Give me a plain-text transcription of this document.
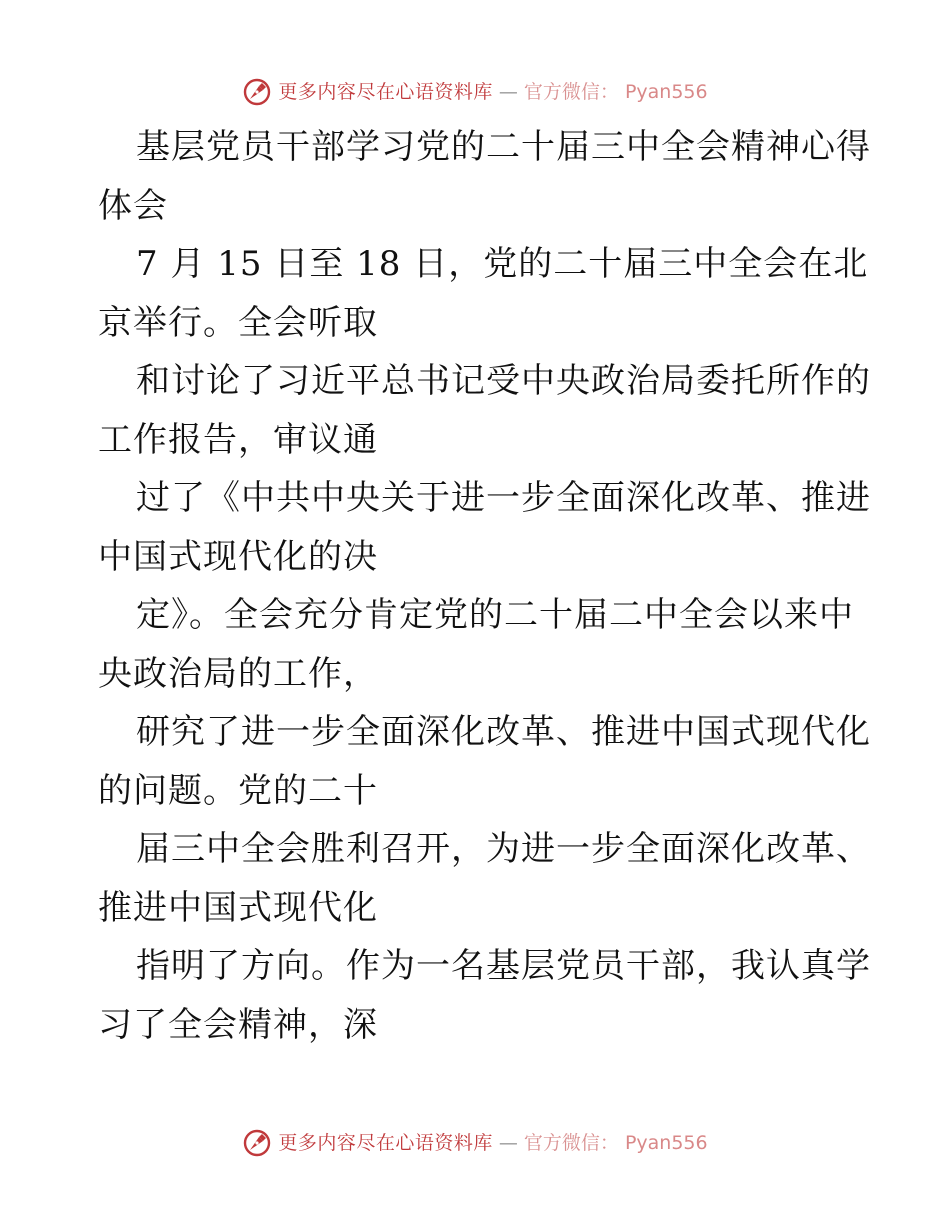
更多内容尽在心语资料库 — 官方微信： Pyan556
基层党员干部学习党的二十届三中全会精神心得
体会
7 月 15 日至 18 日，党的二十届三中全会在北
京举行。全会听取
和讨论了习近平总书记受中央政治局委托所作的
工作报告，审议通
过了《中共中央关于进一步全面深化改革、推进
中国式现代化的决
定》。全会充分肯定党的二十届二中全会以来中
央政治局的工作，
研究了进一步全面深化改革、推进中国式现代化
的问题。党的二十
届三中全会胜利召开，为进一步全面深化改革、
推进中国式现代化
指明了方向。作为一名基层党员干部，我认真学
习了全会精神，深
更多内容尽在心语资料库 — 官方微信： Pyan556
